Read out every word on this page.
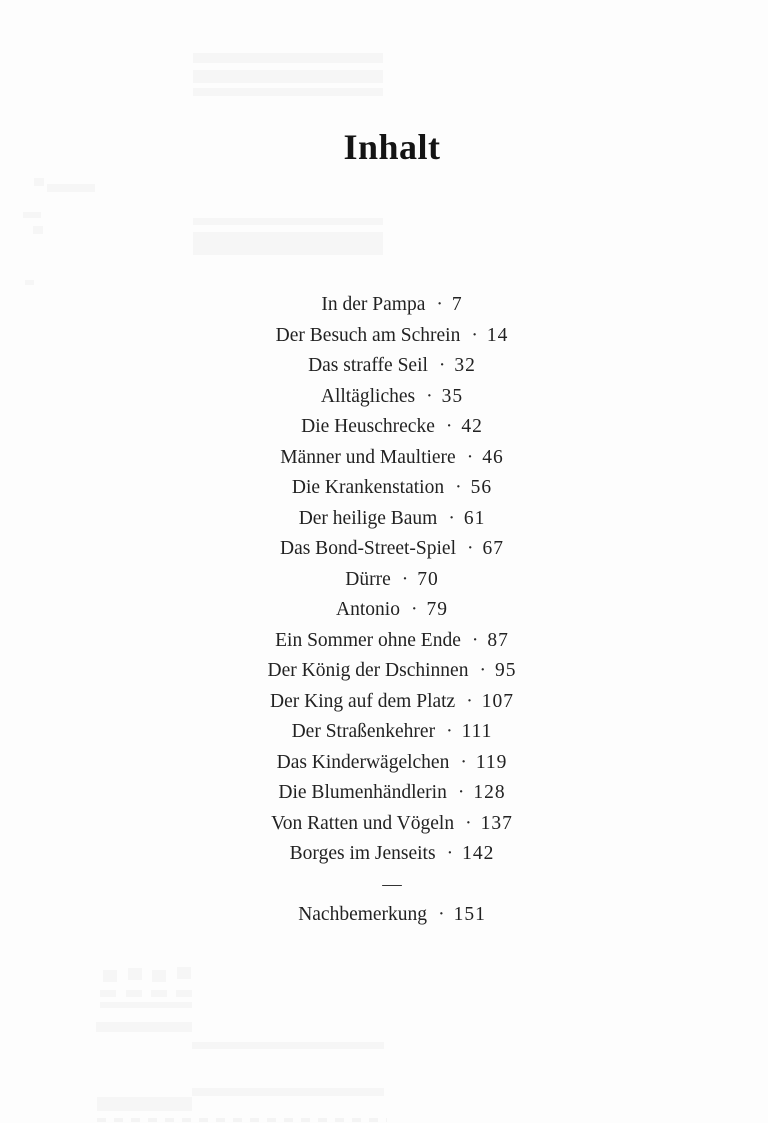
Inhalt
In der Pampa · 7
Der Besuch am Schrein · 14
Das straffe Seil · 32
Alltägliches · 35
Die Heuschrecke · 42
Männer und Maultiere · 46
Die Krankenstation · 56
Der heilige Baum · 61
Das Bond-Street-Spiel · 67
Dürre · 70
Antonio · 79
Ein Sommer ohne Ende · 87
Der König der Dschinnen · 95
Der King auf dem Platz · 107
Der Straßenkehrer · 111
Das Kinderwägelchen · 119
Die Blumenhändlerin · 128
Von Ratten und Vögeln · 137
Borges im Jenseits · 142
—
Nachbemerkung · 151
